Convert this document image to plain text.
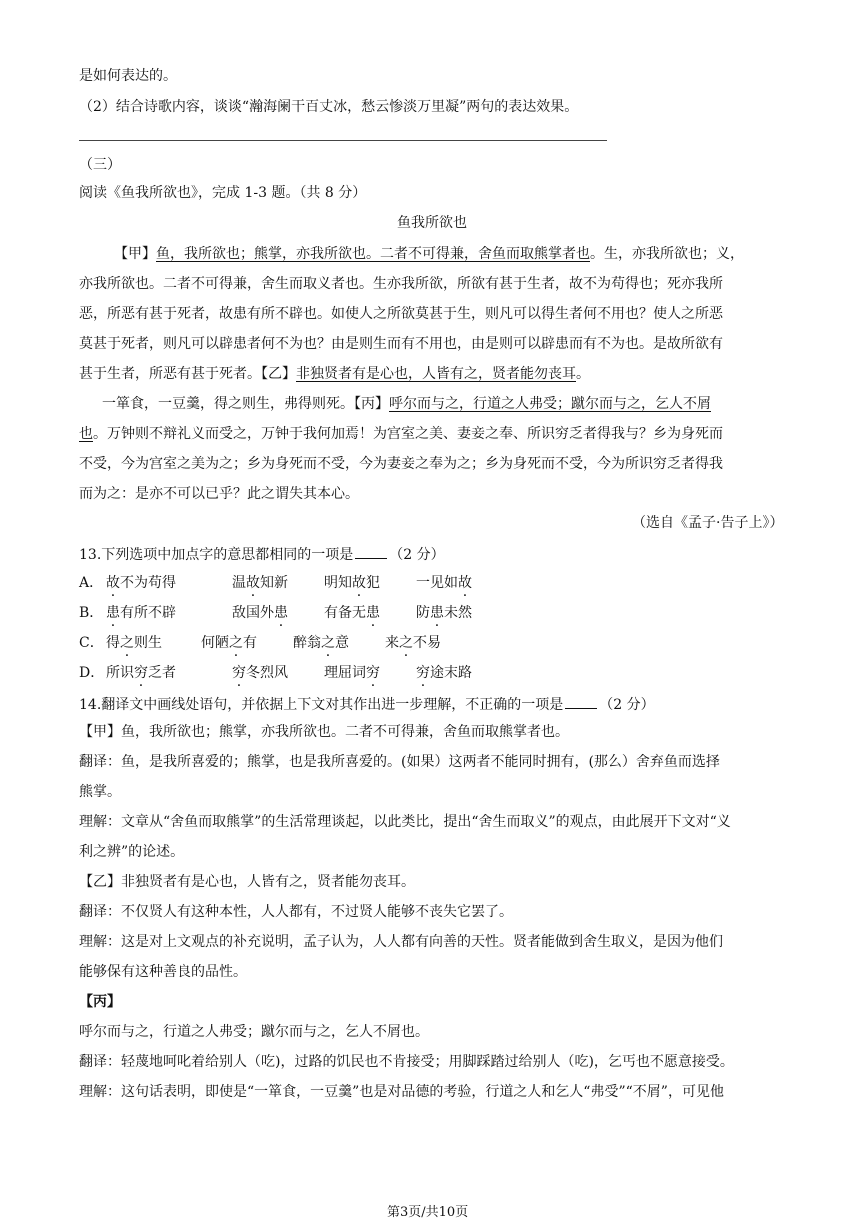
是如何表达的。
（2）结合诗歌内容，谈谈“瀚海阑干百丈冰，愁云惨淡万里凝”两句的表达效果。
（三）
阅读《鱼我所欲也》，完成 1-3 题。（共 8 分）
鱼我所欲也
【甲】鱼，我所欲也；熊掌，亦我所欲也。二者不可得兼，舍鱼而取熊掌者也。生，亦我所欲也；义，
亦我所欲也。二者不可得兼，舍生而取义者也。生亦我所欲，所欲有甚于生者，故不为苟得也；死亦我所
恶，所恶有甚于死者，故患有所不辟也。如使人之所欲莫甚于生，则凡可以得生者何不用也？使人之所恶
莫甚于死者，则凡可以辟患者何不为也？由是则生而有不用也，由是则可以辟患而有不为也。是故所欲有
甚于生者，所恶有甚于死者。【乙】非独贤者有是心也，人皆有之，贤者能勿丧耳。
一箪食，一豆羹，得之则生，弗得则死。【丙】呼尔而与之，行道之人弗受；蹴尔而与之，乞人不屑
也。万钟则不辩礼义而受之，万钟于我何加焉！为宫室之美、妻妾之奉、所识穷乏者得我与？乡为身死而
不受，今为宫室之美为之；乡为身死而不受，今为妻妾之奉为之；乡为身死而不受，今为所识穷乏者得我
而为之：是亦不可以已乎？此之谓失其本心。
（选自《孟子·告子上》）
13.下列选项中加点字的意思都相同的一项是	（2 分）
A． 故不为苟得	温故知新	明知故犯	一见如故
B． 患有所不辟	敌国外患	有备无患	防患未然
C． 得之则生	何陋之有	醉翁之意	来之不易
D． 所识穷乏者	穷冬烈风	理屈词穷	穷途末路
14.翻译文中画线处语句，并依据上下文对其作出进一步理解，不正确的一项是	（2 分）
【甲】鱼，我所欲也；熊掌，亦我所欲也。二者不可得兼，舍鱼而取熊掌者也。
翻译：鱼，是我所喜爱的；熊掌，也是我所喜爱的。(如果）这两者不能同时拥有，(那么）舍弃鱼而选择
熊掌。
理解：文章从“舍鱼而取熊掌”的生活常理谈起，以此类比，提出“舍生而取义”的观点，由此展开下文对“义
利之辨”的论述。
【乙】非独贤者有是心也，人皆有之，贤者能勿丧耳。
翻译：不仅贤人有这种本性，人人都有，不过贤人能够不丧失它罢了。
理解：这是对上文观点的补充说明，孟子认为，人人都有向善的天性。贤者能做到舍生取义，是因为他们
能够保有这种善良的品性。
【丙】
呼尔而与之，行道之人弗受；蹴尔而与之，乞人不屑也。
翻译：轻蔑地呵叱着给别人（吃)，过路的饥民也不肯接受；用脚踩踏过给别人（吃)，乞丐也不愿意接受。
理解：这句话表明，即使是“一箪食，一豆羹”也是对品德的考验，行道之人和乞人“弗受”“不屑”，可见他
第3页/共10页
